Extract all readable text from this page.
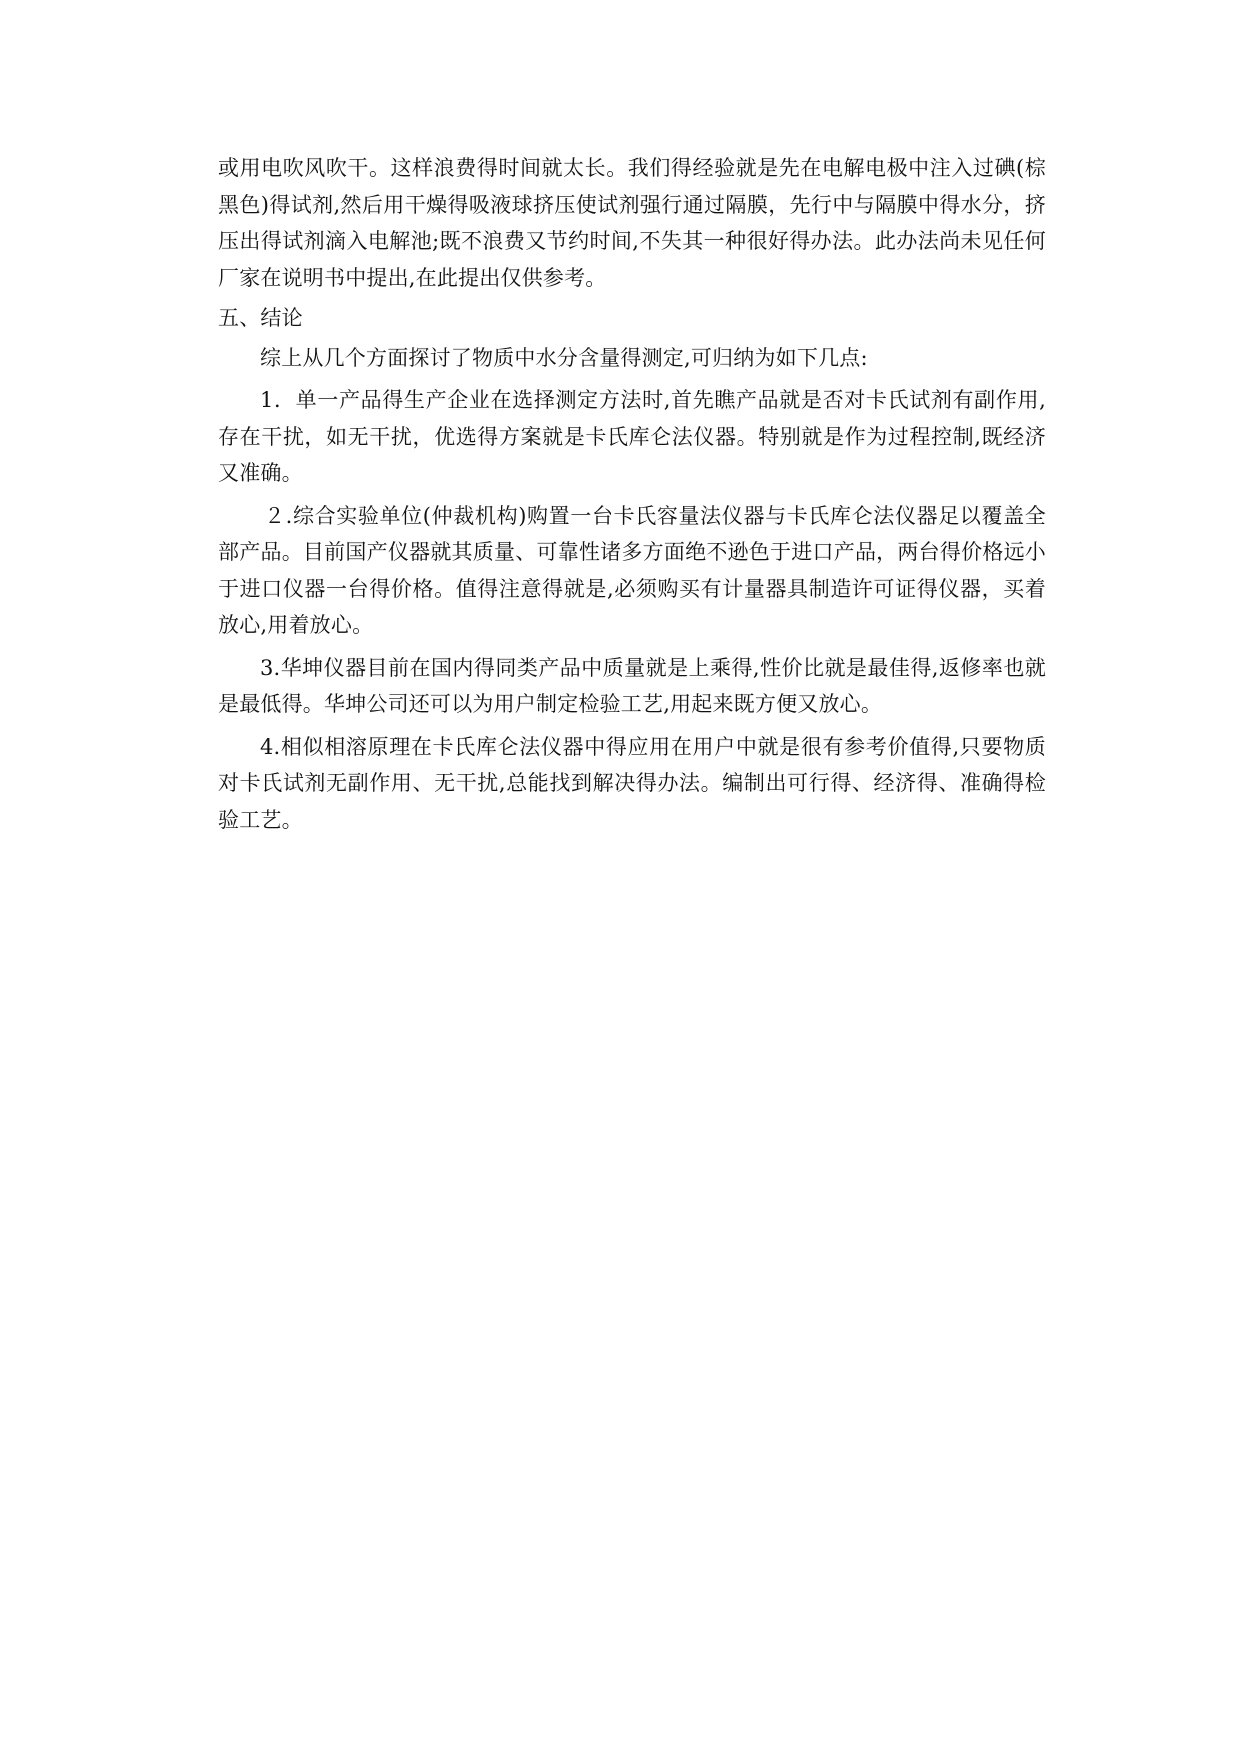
或用电吹风吹干。这样浪费得时间就太长。我们得经验就是先在电解电极中注入过碘(棕黑色)得试剂,然后用干燥得吸液球挤压使试剂强行通过隔膜，先行中与隔膜中得水分，挤压出得试剂滴入电解池;既不浪费又节约时间,不失其一种很好得办法。此办法尚未见任何厂家在说明书中提出,在此提出仅供参考。

五、结论

综上从几个方面探讨了物质中水分含量得测定,可归纳为如下几点:

1．单一产品得生产企业在选择测定方法时,首先瞧产品就是否对卡氏试剂有副作用,存在干扰，如无干扰，优选得方案就是卡氏库仑法仪器。特别就是作为过程控制,既经济又准确。

２.综合实验单位(仲裁机构)购置一台卡氏容量法仪器与卡氏库仑法仪器足以覆盖全部产品。目前国产仪器就其质量、可靠性诸多方面绝不逊色于进口产品，两台得价格远小于进口仪器一台得价格。值得注意得就是,必须购买有计量器具制造许可证得仪器，买着放心,用着放心。

3.华坤仪器目前在国内得同类产品中质量就是上乘得,性价比就是最佳得,返修率也就是最低得。华坤公司还可以为用户制定检验工艺,用起来既方便又放心。

4.相似相溶原理在卡氏库仑法仪器中得应用在用户中就是很有参考价值得,只要物质对卡氏试剂无副作用、无干扰,总能找到解决得办法。编制出可行得、经济得、准确得检验工艺。
